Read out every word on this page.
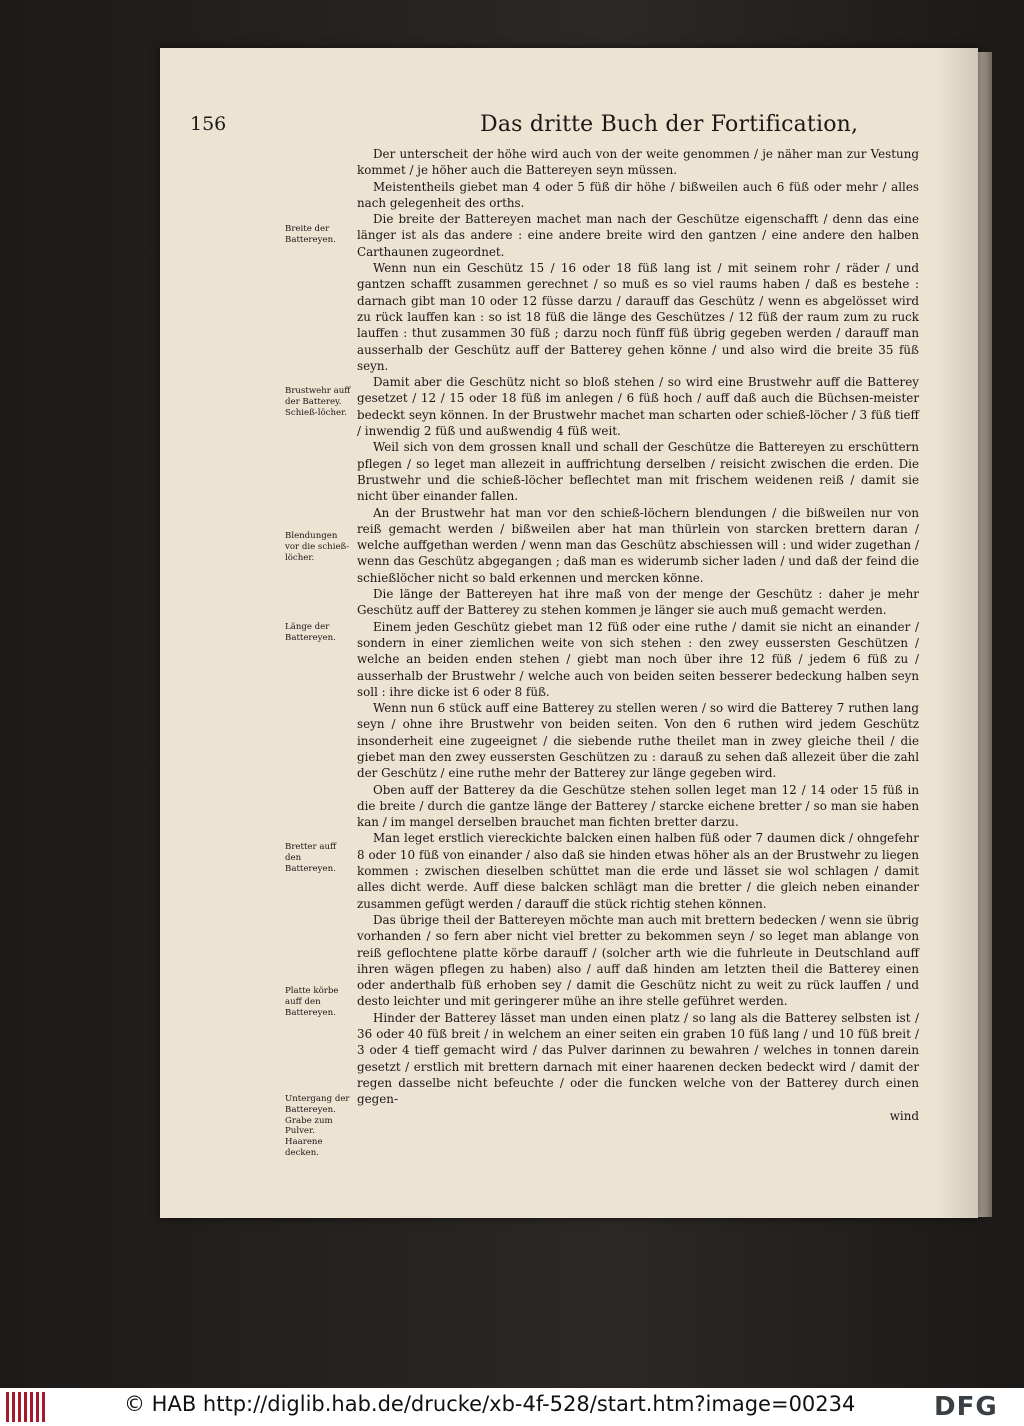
156	Das dritte Buch der Fortification,

Der unterscheit der höhe wird auch von der weite genommen / je näher man zur Vestung kommet / je höher auch die Battereyen seyn müssen.

Meistentheils giebet man 4 oder 5 füß dir höhe / bißweilen auch 6 füß oder mehr / alles nach gelegenheit des orths.

Die breite der Battereyen machet man nach der Geschütze eigenschafft / denn das eine länger ist als das andere : eine andere breite wird den gantzen / eine andere den halben Carthaunen zugeordnet.

Wenn nun ein Geschütz 15 / 16 oder 18 füß lang ist / mit seinem rohr / räder / und gantzen schafft zusammen gerechnet / so muß es so viel raums haben / daß es bestehe : darnach gibt man 10 oder 12 füsse darzu / darauff das Geschütz / wenn es abgelösset wird zu rück lauffen kan : so ist 18 füß die länge des Geschützes / 12 füß der raum zum zu ruck lauffen : thut zusammen 30 füß ; darzu noch fünff füß übrig gegeben werden / darauff man ausserhalb der Geschütz auff der Batterey gehen könne / und also wird die breite 35 füß seyn.

Damit aber die Geschütz nicht so bloß stehen / so wird eine Brustwehr auff die Batterey gesetzet / 12 / 15 oder 18 füß im anlegen / 6 füß hoch / auff daß auch die Büchsen-meister bedeckt seyn können. In der Brustwehr machet man scharten oder schieß-löcher / 3 füß tieff / inwendig 2 füß und außwendig 4 füß weit.

Weil sich von dem grossen knall und schall der Geschütze die Battereyen zu erschüttern pflegen / so leget man allezeit in auffrichtung derselben / reisicht zwischen die erden. Die Brustwehr und die schieß-löcher beflechtet man mit frischem weidenen reiß / damit sie nicht über einander fallen.

An der Brustwehr hat man vor den schieß-löchern blendungen / die bißweilen nur von reiß gemacht werden / bißweilen aber hat man thürlein von starcken brettern daran / welche auffgethan werden / wenn man das Geschütz abschiessen will : und wider zugethan / wenn das Geschütz abgegangen ; daß man es widerumb sicher laden / und daß der feind die schießlöcher nicht so bald erkennen und mercken könne.

Die länge der Battereyen hat ihre maß von der menge der Geschütz : daher je mehr Geschütz auff der Batterey zu stehen kommen je länger sie auch muß gemacht werden.

Einem jeden Geschütz giebet man 12 füß oder eine ruthe / damit sie nicht an einander / sondern in einer ziemlichen weite von sich stehen : den zwey eussersten Geschützen / welche an beiden enden stehen / giebt man noch über ihre 12 füß / jedem 6 füß zu / ausserhalb der Brustwehr / welche auch von beiden seiten besserer bedeckung halben seyn soll : ihre dicke ist 6 oder 8 füß.

Wenn nun 6 stück auff eine Batterey zu stellen weren / so wird die Batterey 7 ruthen lang seyn / ohne ihre Brustwehr von beiden seiten. Von den 6 ruthen wird jedem Geschütz insonderheit eine zugeeignet / die siebende ruthe theilet man in zwey gleiche theil / die giebet man den zwey eussersten Geschützen zu : darauß zu sehen daß allezeit über die zahl der Geschütz / eine ruthe mehr der Batterey zur länge gegeben wird.

Oben auff der Batterey da die Geschütze stehen sollen leget man 12 / 14 oder 15 füß in die breite / durch die gantze länge der Batterey / starcke eichene bretter / so man sie haben kan / im mangel derselben brauchet man fichten bretter darzu.

Man leget erstlich viereckichte balcken einen halben füß oder 7 daumen dick / ohngefehr 8 oder 10 füß von einander / also daß sie hinden etwas höher als an der Brustwehr zu liegen kommen : zwischen dieselben schüttet man die erde und lässet sie wol schlagen / damit alles dicht werde. Auff diese balcken schlägt man die bretter / die gleich neben einander zusammen gefügt werden / darauff die stück richtig stehen können.

Das übrige theil der Battereyen möchte man auch mit brettern bedecken / wenn sie übrig vorhanden / so fern aber nicht viel bretter zu bekommen seyn / so leget man ablange von reiß geflochtene platte körbe darauff / (solcher arth wie die fuhrleute in Deutschland auff ihren wägen pflegen zu haben) also / auff daß hinden am letzten theil die Batterey einen oder anderthalb füß erhoben sey / damit die Geschütz nicht zu weit zu rück lauffen / und desto leichter und mit geringerer mühe an ihre stelle geführet werden.

Hinder der Batterey lässet man unden einen platz / so lang als die Batterey selbsten ist / 36 oder 40 füß breit / in welchem an einer seiten ein graben 10 füß lang / und 10 füß breit / 3 oder 4 tieff gemacht wird / das Pulver darinnen zu bewahren / welches in tonnen darein gesetzt / erstlich mit brettern darnach mit einer haarenen decken bedeckt wird / damit der regen dasselbe nicht befeuchte / oder die funcken welche von der Batterey durch einen gegen-

wind

Breite der Battereyen.
Brustwehr auff der Batterey. Schieß-löcher.
Blendungen vor die schieß-löcher.
Länge der Battereyen.
Bretter auff den Battereyen.
Platte körbe auff den Battereyen.
Untergang der Battereyen. Grabe zum Pulver. Haarene decken.
© HAB http://diglib.hab.de/drucke/xb-4f-528/start.htm?image=00234	DFG
